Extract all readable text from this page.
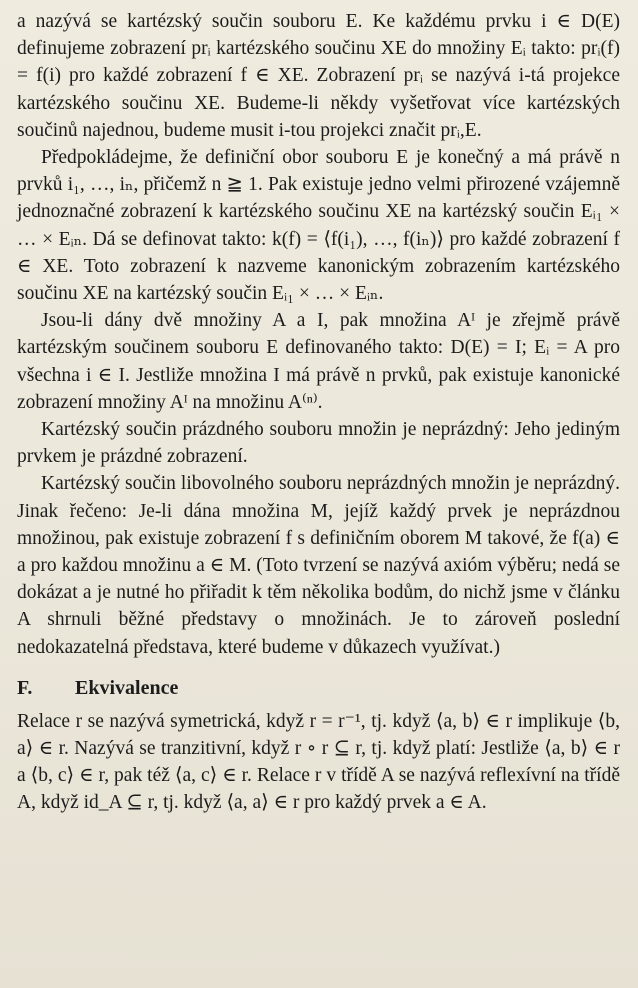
a nazývá se kartézský součin souboru E. Ke každému prvku i ∈ D(E) definujeme zobrazení prᵢ kartézského součinu XE do množiny Eᵢ takto: prᵢ(f) = f(i) pro každé zobrazení f ∈ XE. Zobrazení prᵢ se nazývá i-tá projekce kartézského součinu XE. Budeme-li někdy vyšetřovat více kartézských součinů najednou, budeme musit i-tou projekci značit prᵢ,E.

Předpokládejme, že definiční obor souboru E je konečný a má právě n prvků i₁, …, iₙ, přičemž n ≧ 1. Pak existuje jedno velmi přirozené vzájemně jednoznačné zobrazení k kartézského součinu XE na kartézský součin Eᵢ₁ × … × Eᵢₙ. Dá se definovat takto: k(f) = ⟨f(i₁), …, f(iₙ)⟩ pro každé zobrazení f ∈ XE. Toto zobrazení k nazveme kanonickým zobrazením kartézského součinu XE na kartézský součin Eᵢ₁ × … × Eᵢₙ.

Jsou-li dány dvě množiny A a I, pak množina Aᴵ je zřejmě právě kartézským součinem souboru E definovaného takto: D(E) = I; Eᵢ = A pro všechna i ∈ I. Jestliže množina I má právě n prvků, pak existuje kanonické zobrazení množiny Aᴵ na množinu A⁽ⁿ⁾.

Kartézský součin prázdného souboru množin je neprázdný: Jeho jediným prvkem je prázdné zobrazení.

Kartézský součin libovolného souboru neprázdných množin je neprázdný. Jinak řečeno: Je-li dána množina M, jejíž každý prvek je neprázdnou množinou, pak existuje zobrazení f s definičním oborem M takové, že f(a) ∈ a pro každou množinu a ∈ M. (Toto tvrzení se nazývá axióm výběru; nedá se dokázat a je nutné ho přiřadit k těm několika bodům, do nichž jsme v článku A shrnuli běžné představy o množinách. Je to zároveň poslední nedokazatelná představa, které budeme v důkazech využívat.)

F.	Ekvivalence

Relace r se nazývá symetrická, když r = r⁻¹, tj. když ⟨a, b⟩ ∈ r implikuje ⟨b, a⟩ ∈ r. Nazývá se tranzitivní, když r ∘ r ⊆ r, tj. když platí: Jestliže ⟨a, b⟩ ∈ r a ⟨b, c⟩ ∈ r, pak též ⟨a, c⟩ ∈ r. Relace r v třídě A se nazývá reflexívní na třídě A, když id_A ⊆ r, tj. když ⟨a, a⟩ ∈ r pro každý prvek a ∈ A.
